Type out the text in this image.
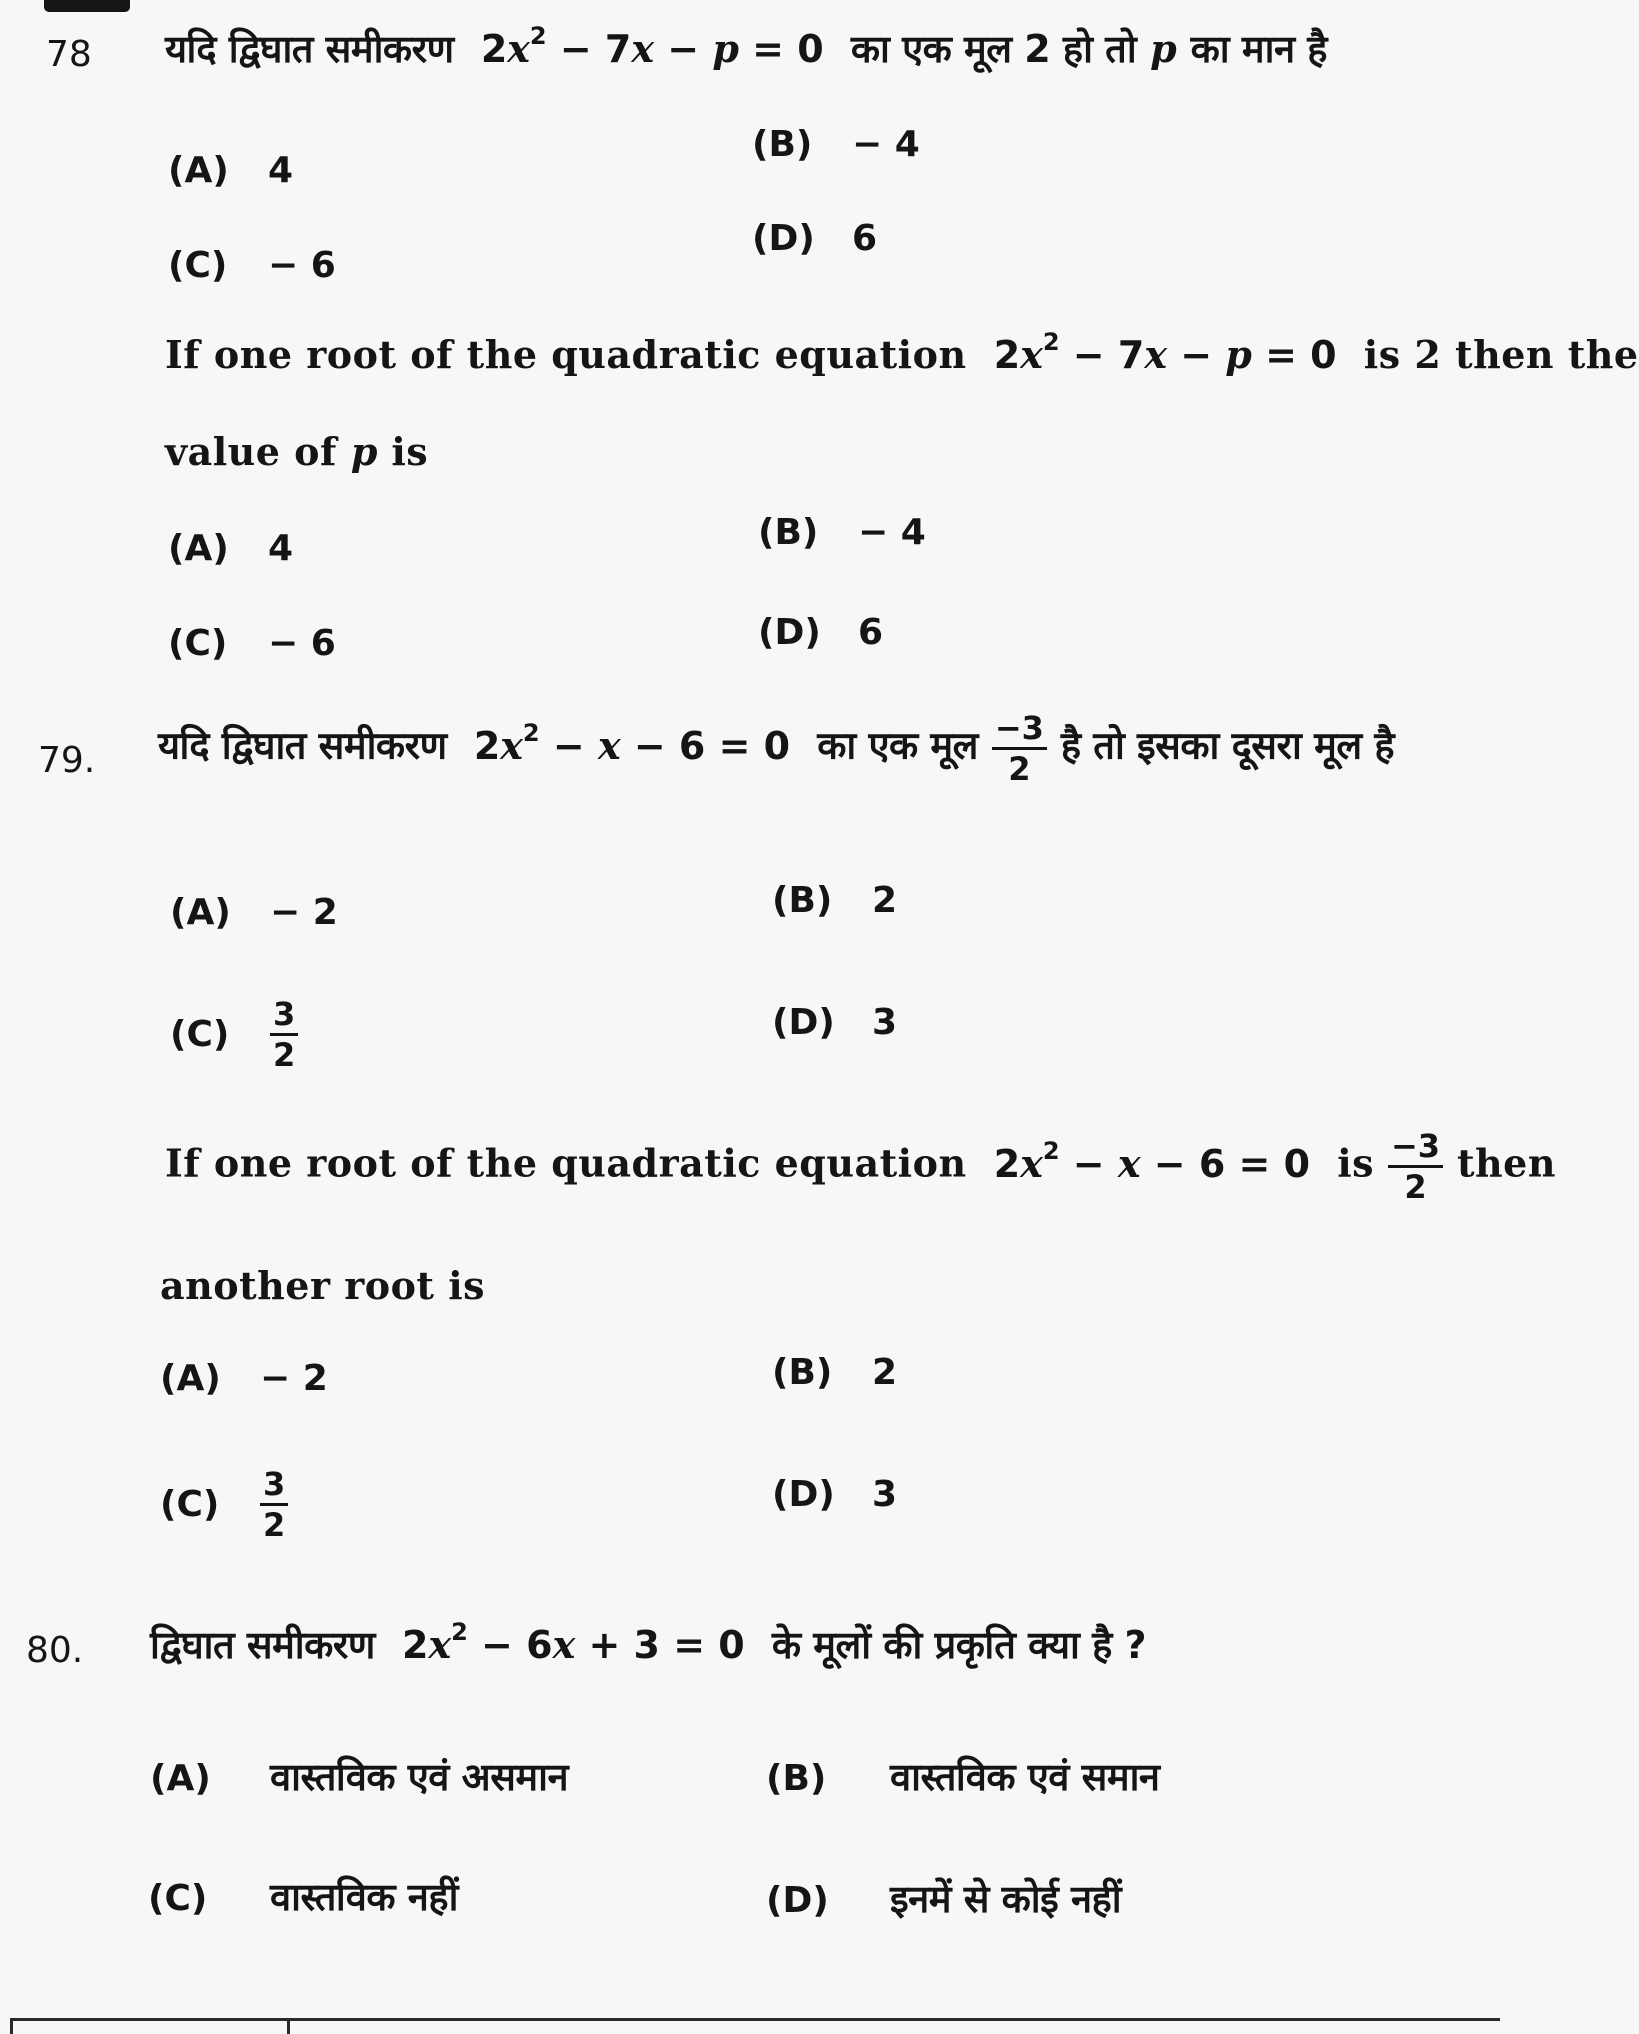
78 यदि द्विघात समीकरण $2x^2 - 7x - p = 0$ का एक मूल 2 हो तो p का मान है
(A) 4
(B) − 4
(C) − 6
(D) 6
If one root of the quadratic equation $2x^2 - 7x - p = 0$ is 2 then the
value of p is
(A) 4	(B) − 4
(C) − 6	(D) 6
79. यदि द्विघात समीकरण $2x^2 - x - 6 = 0$ का एक मूल $\frac{-3}{2}$ है तो इसका दूसरा मूल है
(A) − 2	(B) 2
$(C) \frac{3}{2}$	(D) 3
If one root of the quadratic equation $2x^2 - x - 6 = 0$ is $\frac{-3}{2}$ then
another root is
(A) − 2	(B) 2
$(C) \frac{3}{2}$	(D) 3
80. द्विघात समीकरण $2x^2 - 6x + 3 = 0$ के मूलों की प्रकृति क्या है ?
(A) वास्तविक एवं असमान	(B) वास्तविक एवं समान
(C) वास्तविक नहीं	(D) इनमें से कोई नहीं
